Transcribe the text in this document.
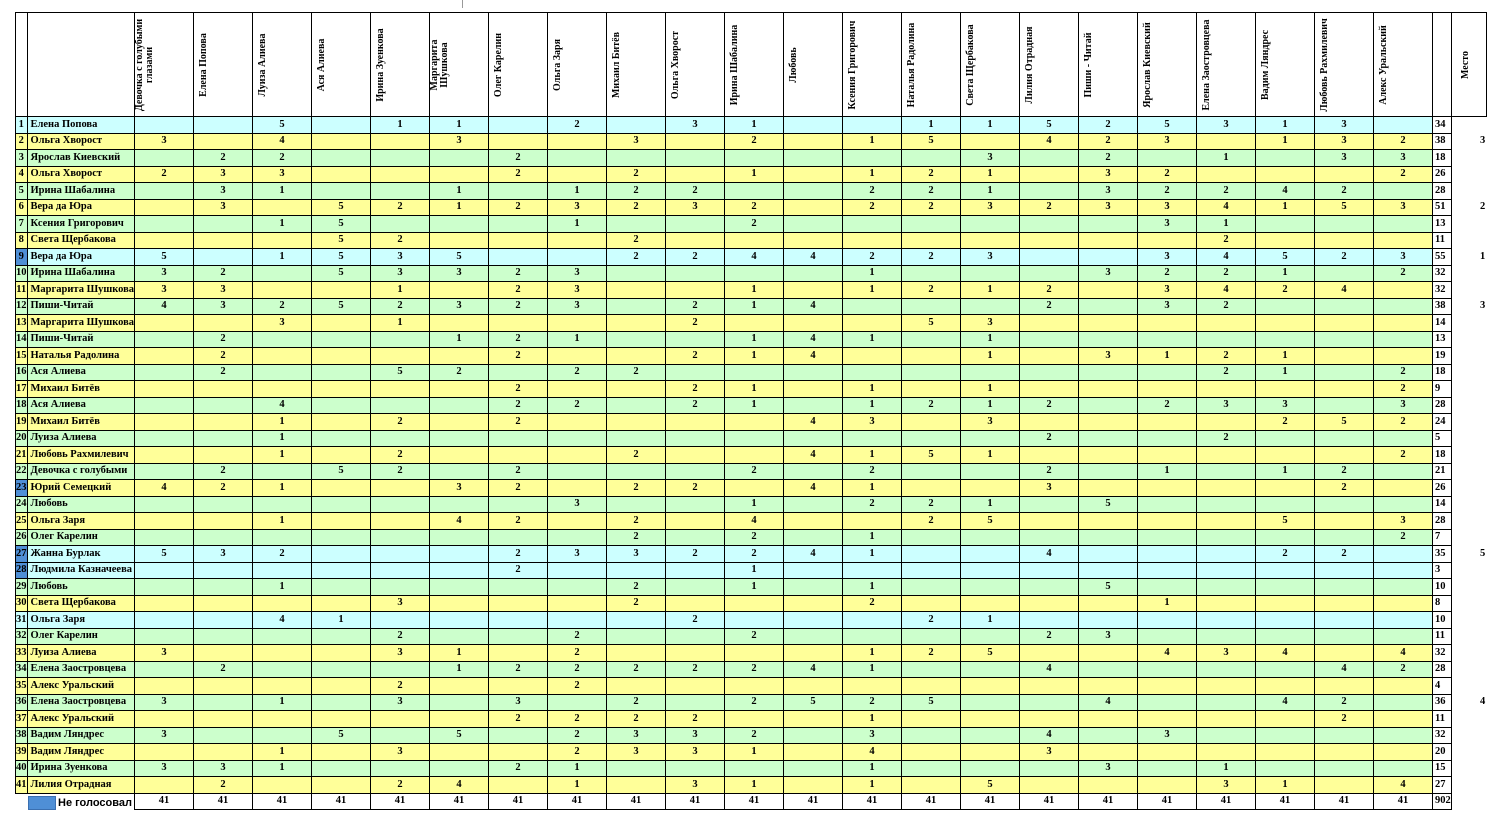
		Девочка с голубыми глазами	Елена Попова	Луиза Алиева	Ася Алиева	Ирина Зуенкова	Маргарита Шушкова	Олег Карелин	Ольга Заря	Михаил Битёв	Ольга Хворост	Ирина Шабалина	Любовь	Ксения Григорович	Наталья Радолина	Света Щербакова	Лилия Отрадная	Пиши - Читай	Ярослав Киевский	Елена Заостровцева	Вадим Ляндрес	Любовь Рахмилевич	Алекс Уральский		Место

1	Елена Попова			5		1	1		2		3	1			1	1	5	2	5	3	1	3		34	
2	Ольга Хворост	3		4			3			3		2		1	5		4	2	3		1	3	2	38	3
3	Ярослав Киевский		2	2				2								3		2		1		3	3	18	
4	Ольга Хворост	2	3	3				2		2		1		1	2	1		3	2				2	26	
5	Ирина Шабалина		3	1			1		1	2	2			2	2	1		3	2	2	4	2		28	
6	Вера да Юра		3		5	2	1	2	3	2	3	2		2	2	3	2	3	3	4	1	5	3	51	2
7	Ксения Григорович			1	5				1			2							3	1				13	
8	Света Щербакова				5	2				2										2				11	
9	Вера да Юра	5		1	5	3	5			2	2	4	4	2	2	3			3	4	5	2	3	55	1
10	Ирина Шабалина	3	2		5	3	3	2	3					1				3	2	2	1		2	32	
11	Маргарита Шушкова	3	3			1		2	3			1		1	2	1	2		3	4	2	4		32	
12	Пиши-Читай	4	3	2	5	2	3	2	3		2	1	4				2		3	2				38	3
13	Маргарита Шушкова			3		1					2				5	3								14	
14	Пиши-Читай		2				1	2	1			1	4	1		1								13	
15	Наталья Радолина		2					2			2	1	4			1		3	1	2	1			19	
16	Ася Алиева		2			5	2		2	2										2	1		2	18	
17	Михаил Битёв							2			2	1		1		1							2	9	
18	Ася Алиева			4				2	2		2	1		1	2	1	2		2	3	3		3	28	
19	Михаил Битёв			1		2		2					4	3		3					2	5	2	24	
20	Луиза Алиева			1													2			2				5	
21	Любовь Рахмилевич			1		2				2			4	1	5	1							2	18	
22	Девочка с голубыми		2		5	2		2				2		2			2		1		1	2		21	
23	Юрий Семецкий	4	2	1			3	2		2	2		4	1			3					2		26	
24	Любовь								3			1		2	2	1		5						14	
25	Ольга Заря			1			4	2		2		4			2	5					5		3	28	
26	Олег Карелин									2		2		1									2	7	
27	Жанна Бурлак	5	3	2				2	3	3	2	2	4	1			4				2	2		35	5
28	Людмила Казначеева							2				1												3	
29	Любовь			1						2		1		1				5						10	
30	Света Щербакова					3				2				2					1					8	
31	Ольга Заря			4	1						2				2	1								10	
32	Олег Карелин					2			2			2					2	3						11	
33	Луиза Алиева	3				3	1		2					1	2	5			4	3	4		4	32	
34	Елена Заостровцева		2				1	2	2	2	2	2	4	1			4					4	2	28	
35	Алекс Уральский					2			2															4	
36	Елена Заостровцева	3		1		3		3		2		2	5	2	5			4			4	2		36	4
37	Алекс Уральский							2	2	2	2			1								2		11	
38	Вадим Ляндрес	3			5		5		2	3	3	2		3			4		3					32	
39	Вадим Ляндрес			1		3			2	3	3	1		4			3							20	
40	Ирина Зуенкова	3	3	1				2	1					1				3		1				15	
41	Лилия Отрадная		2			2	4		1		3	1		1		5				3	1		4	27	
		41	41	41	41	41	41	41	41	41	41	41	41	41	41	41	41	41	41	41	41	41	41	902	
Не голосовал
